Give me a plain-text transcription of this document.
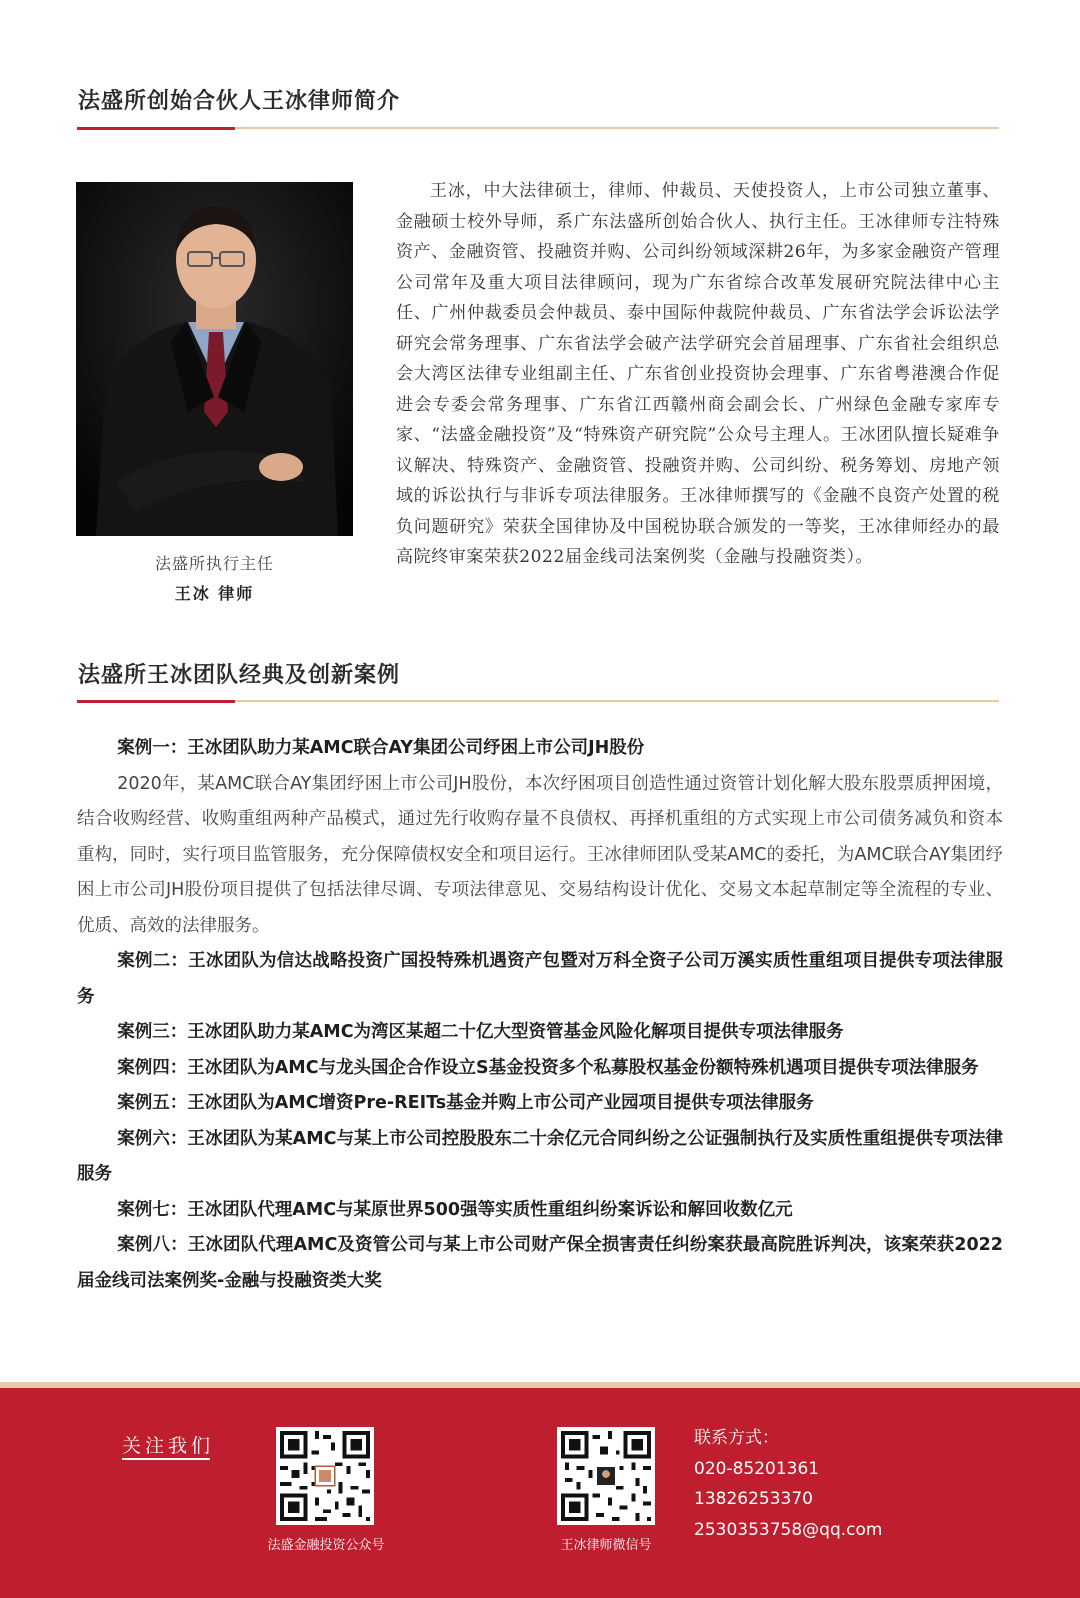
法盛所创始合伙人王冰律师简介
法盛所执行主任
王冰 律师

王冰，中大法律硕士，律师、仲裁员、天使投资人，上市公司独立董事、金融硕士校外导师，系广东法盛所创始合伙人、执行主任。王冰律师专注特殊资产、金融资管、投融资并购、公司纠纷领域深耕26年，为多家金融资产管理公司常年及重大项目法律顾问，现为广东省综合改革发展研究院法律中心主任、广州仲裁委员会仲裁员、泰中国际仲裁院仲裁员、广东省法学会诉讼法学研究会常务理事、广东省法学会破产法学研究会首届理事、广东省社会组织总会大湾区法律专业组副主任、广东省创业投资协会理事、广东省粤港澳合作促进会专委会常务理事、广东省江西赣州商会副会长、广州绿色金融专家库专家、“法盛金融投资”及“特殊资产研究院”公众号主理人。王冰团队擅长疑难争议解决、特殊资产、金融资管、投融资并购、公司纠纷、税务筹划、房地产领域的诉讼执行与非诉专项法律服务。王冰律师撰写的《金融不良资产处置的税负问题研究》荣获全国律协及中国税协联合颁发的一等奖，王冰律师经办的最高院终审案荣获2022届金线司法案例奖（金融与投融资类）。

法盛所王冰团队经典及创新案例

案例一：王冰团队助力某AMC联合AY集团公司纾困上市公司JH股份

2020年，某AMC联合AY集团纾困上市公司JH股份，本次纾困项目创造性通过资管计划化解大股东股票质押困境，结合收购经营、收购重组两种产品模式，通过先行收购存量不良债权、再择机重组的方式实现上市公司债务减负和资本重构，同时，实行项目监管服务，充分保障债权安全和项目运行。王冰律师团队受某AMC的委托，为AMC联合AY集团纾困上市公司JH股份项目提供了包括法律尽调、专项法律意见、交易结构设计优化、交易文本起草制定等全流程的专业、优质、高效的法律服务。

案例二：王冰团队为信达战略投资广国投特殊机遇资产包暨对万科全资子公司万溪实质性重组项目提供专项法律服务

案例三：王冰团队助力某AMC为湾区某超二十亿大型资管基金风险化解项目提供专项法律服务

案例四：王冰团队为AMC与龙头国企合作设立S基金投资多个私募股权基金份额特殊机遇项目提供专项法律服务

案例五：王冰团队为AMC增资Pre-REITs基金并购上市公司产业园项目提供专项法律服务

案例六：王冰团队为某AMC与某上市公司控股股东二十余亿元合同纠纷之公证强制执行及实质性重组提供专项法律服务

案例七：王冰团队代理AMC与某原世界500强等实质性重组纠纷案诉讼和解回收数亿元

案例八：王冰团队代理AMC及资管公司与某上市公司财产保全损害责任纠纷案获最高院胜诉判决，该案荣获2022届金线司法案例奖-金融与投融资类大奖

关注我们
法盛金融投资公众号	王冰律师微信号
联系方式：
020-85201361
13826253370
2530353758@qq.com
